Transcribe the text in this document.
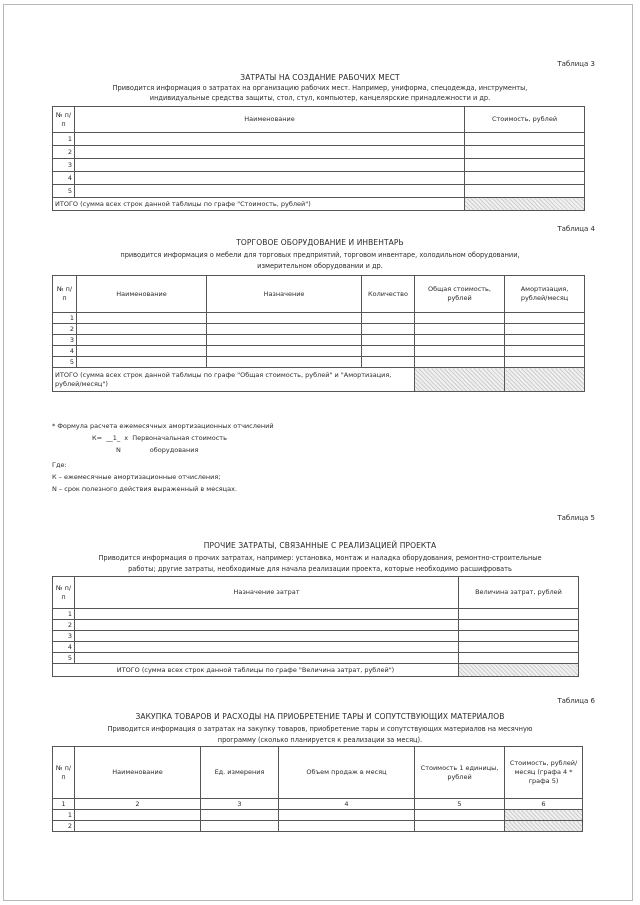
Таблица 3
ЗАТРАТЫ НА СОЗДАНИЕ РАБОЧИХ МЕСТ
Приводится информация о затратах на организацию рабочих мест. Например, униформа, спецодежда, инструменты,
индивидуальные средства защиты, стол, стул, компьютер, канцелярские принадлежности и др.
№ п/п	Наименование	Стоимость, рублей
1		
2		
3		
4		
5		
ИТОГО (сумма всех строк данной таблицы по графе "Стоимость, рублей")		
Таблица 4
ТОРГОВОЕ ОБОРУДОВАНИЕ И ИНВЕНТАРЬ
приводится информация о мебели для торговых предприятий, торговом инвентаре, холодильном оборудовании,
измерительном оборудовании и др.
№ п/п	Наименование	Назначение	Количество	Общая стоимость, рублей	Амортизация, рублей/месяц
1					
2					
3					
4					
5					
ИТОГО (сумма всех строк данной таблицы по графе "Общая стоимость, рублей" и "Амортизация, рублей/месяц")					
* Формула расчета ежемесячных амортизационных отчислений
К=  __1_  х  Первоначальная стоимость
N              оборудования
Где:
К – ежемесячные амортизационные отчисления;
N – срок полезного действия выраженный в месяцах.
Таблица 5
ПРОЧИЕ ЗАТРАТЫ, СВЯЗАННЫЕ С РЕАЛИЗАЦИЕЙ ПРОЕКТА
Приводится информация о прочих затратах, например: установка, монтаж и наладка оборудования, ремонтно-строительные
работы; другие затраты, необходимые для начала реализации проекта, которые необходимо расшифровать
№ п/п	Назначение затрат	Величина затрат, рублей
1		
2		
3		
4		
5		
ИТОГО (сумма всех строк данной таблицы по графе "Величина затрат, рублей")		
Таблица 6
ЗАКУПКА ТОВАРОВ И РАСХОДЫ НА ПРИОБРЕТЕНИЕ ТАРЫ И СОПУТСТВУЮЩИХ МАТЕРИАЛОВ
Приводится информация о затратах на закупку товаров, приобретение тары и сопутствующих материалов на месячную
программу (сколько планируется к реализации за месяц).
№ п/п	Наименование	Ед. измерения	Объем продаж в месяц	Стоимость 1 единицы, рублей	Стоимость, рублей/месяц (графа 4 * графа 5)
1	2	3	4	5	6
1					
2					
